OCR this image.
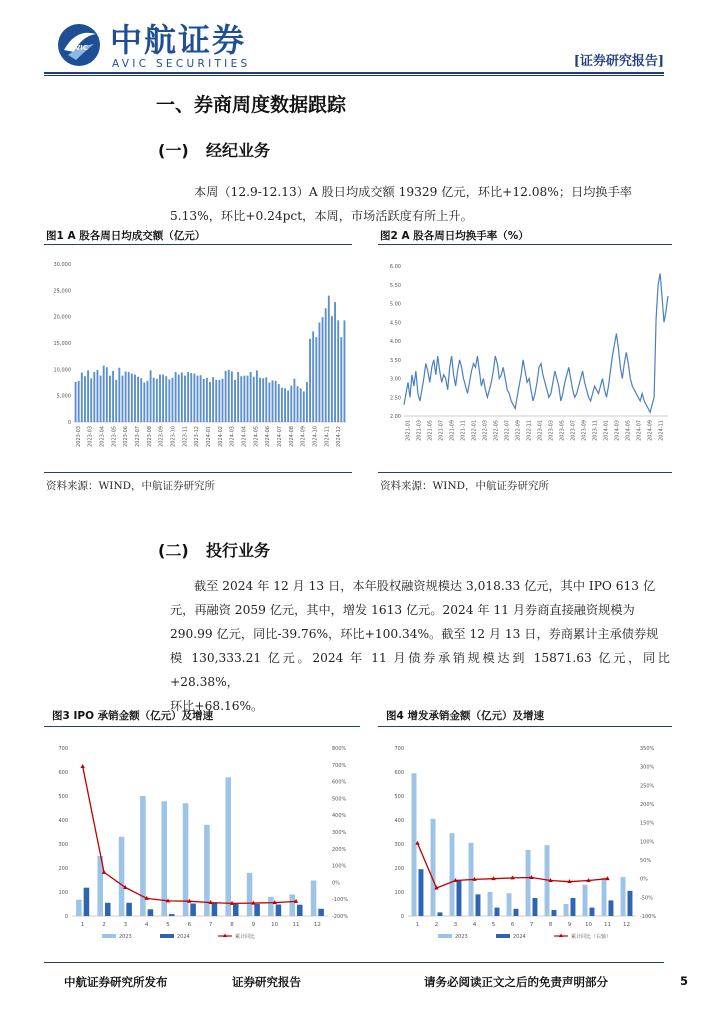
AVIC 中航证券
AVIC SECURITIES	[证券研究报告]
一、券商周度数据跟踪
(一) 经纪业务
本周（12.9-12.13）A 股日均成交额 19329 亿元，环比+12.08%；日均换手率
5.13%，环比+0.24pct，本周，市场活跃度有所上升。
图1 A 股各周日均成交额（亿元）
0
5,000
10,000
15,000
20,000
25,000
30,000
2023-03 2023-03 2023-04 2023-05 2023-06 2023-07 2023-08 2023-09 2023-10 2023-11 2023-12 2024-01 2024-02 2024-03 2024-04 2024-05 2024-06 2024-07 2024-08 2024-09 2024-10 2024-11 2024-12
资料来源：WIND，中航证券研究所
图2 A 股各周日均换手率（%）
2.00
2.50
3.00
3.50
4.00
4.50
5.00
5.50
6.00
2021-01 2021-03 2021-05 2021-07 2021-09 2021-11 2022-01 2022-03 2022-05 2022-07 2022-09 2022-11 2023-01 2023-03 2023-05 2023-07 2023-09 2023-11 2024-01 2024-03 2024-05 2024-07 2024-09 2024-11
资料来源：WIND，中航证券研究所
(二) 投行业务
截至 2024 年 12 月 13 日，本年股权融资规模达 3,018.33 亿元，其中 IPO 613 亿
元，再融资 2059 亿元，其中，增发 1613 亿元。2024 年 11 月券商直接融资规模为
290.99 亿元，同比-39.76%，环比+100.34%。截至 12 月 13 日，券商累计主承债券规
模 130,333.21 亿元。2024 年 11 月债券承销规模达到 15871.63 亿元，同比+28.38%，
环比+68.16%。
图3 IPO 承销金额（亿元）及增速
0
100
200
300
400
500
600
700
-200%
-100%
0%
100%
200%
300%
400%
500%
600%
700%
800%
1	2	3	4	5	6	7	8	9	10	11	12
2023	2024	累计同比
图4 增发承销金额（亿元）及增速
0
100
200
300
400
500
600
700
-100%
-50%
0%
50%
100%
150%
200%
250%
300%
350%
1	2	3	4	5	6	7	8	9	10 11 12
2023	2024	累计同比（右轴）
中航证券研究所发布	证券研究报告	请务必阅读正文之后的免责声明部分	5
